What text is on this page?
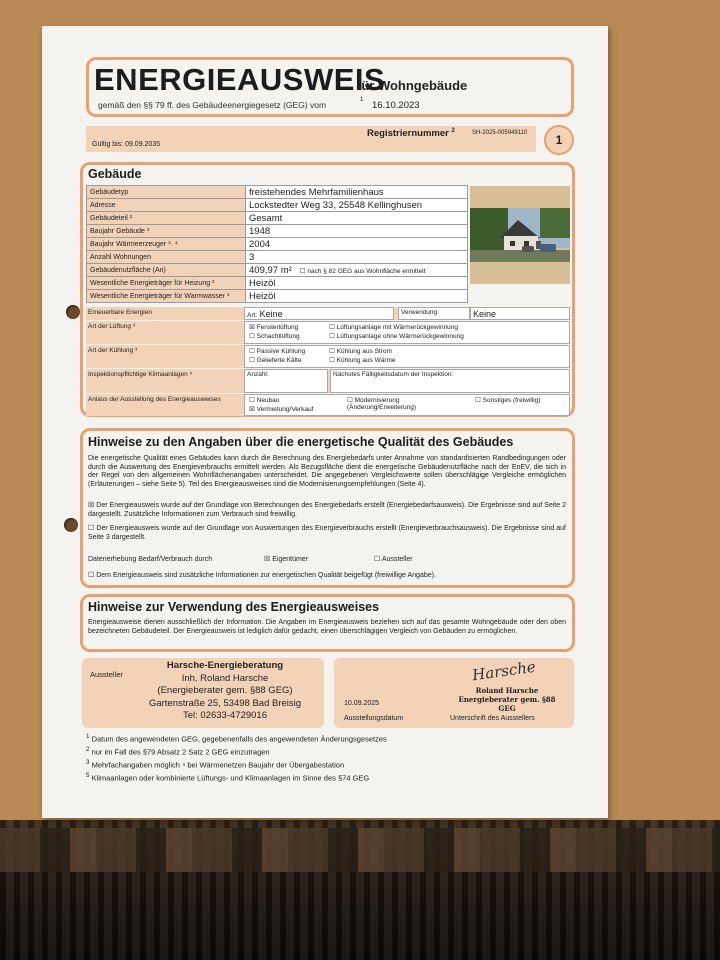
ENERGIEAUSWEIS
für Wohngebäude
gemäß den §§ 79 ff. des Gebäudeenergiegesetz (GEG) vom	1 16.10.2023
Registriernummer $^2$	SH-2025-005949110
Gültig bis: 09.09.2035	1
Gebäude
Gebäudetyp	freistehendes Mehrfamilienhaus
Adresse	Lockstedter Weg 33, 25548 Kellinghusen
Gebäudeteil ²	Gesamt
Baujahr Gebäude ³	1948
Baujahr Wärmeerzeuger ³˒ ⁴	2004
Anzahl Wohnungen	3
Gebäudenutzfläche (An)	409,97 m² ☐ nach § 82 GEG aus Wohnfläche ermittelt
Wesentliche Energieträger für Heizung ³	Heizöl
Wesentliche Energieträger für Warmwasser ³	Heizöl
Erneuerbare Energien	Art: Keine	Verwendung:	Keine
Art der Lüftung ³	☒ Fensterlüftung
☐ Schachtlüftung
☐ Lüftungsanlage mit Wärmerückgewinnung
☐ Lüftungsanlage ohne Wärmerückgewinnung
Art der Kühlung ³	☐ Passive Kühlung
☐ Gelieferte Kälte
☐ Kühlung aus Strom
☐ Kühlung aus Wärme
Inspektionspflichtige Klimaanlagen ⁵	Anzahl:	Nächstes Fälligkeitsdatum der Inspektion:
Anlass der Ausstellung des Energieausweises	☐ Neubau
☒ Vermietung/Verkauf
☐ Modernisierung (Änderung/Erweiterung)
☐ Sonstiges (freiwillig)
Hinweise zu den Angaben über die energetische Qualität des Gebäudes
Die energetische Qualität eines Gebäudes kann durch die Berechnung des Energiebedarfs unter Annahme von standardisierten Randbedingungen oder durch die Auswertung des Energieverbrauchs ermittelt werden. Als Bezugsfläche dient die energetische Gebäudenutzfläche nach der EnEV, die sich in der Regel von den allgemeinen Wohnflächenangaben unterscheidet. Die angegebenen Vergleichswerte sollen überschlägige Vergleiche ermöglichen (Erläuterungen – siehe Seite 5). Teil des Energieausweises sind die Modernisierungsempfehlungen (Seite 4).
☒ Der Energieausweis wurde auf der Grundlage von Berechnungen des Energiebedarfs erstellt (Energiebedarfsausweis). Die Ergebnisse sind auf Seite 2 dargestellt. Zusätzliche Informationen zum Verbrauch sind freiwillig.
☐ Der Energieausweis wurde auf der Grundlage von Auswertungen des Energieverbrauchs erstellt (Energieverbrauchsausweis). Die Ergebnisse sind auf Seite 3 dargestellt.
Datenerhebung Bedarf/Verbrauch durch	☒ Eigentümer	☐ Aussteller
☐ Dem Energieausweis sind zusätzliche Informationen zur energetischen Qualität beigefügt (freiwillige Angabe).
Hinweise zur Verwendung des Energieausweises
Energieausweise dienen ausschließlich der Information. Die Angaben im Energieausweis beziehen sich auf das gesamte Wohngebäude oder den oben bezeichneten Gebäudeteil. Der Energieausweis ist lediglich dafür gedacht, einen überschlägigen Vergleich von Gebäuden zu ermöglichen.
Aussteller
Harsche-Energieberatung
Inh. Roland Harsche
(Energieberater gem. §88 GEG)
Gartenstraße 25, 53498 Bad Breisig
Tel: 02633-4729016
10.09.2025
Ausstellungsdatum
Harsche
Roland Harsche
Energieberater gem. §88 GEG
Unterschrift des Ausstellers
$^1$ Datum des angewendeten GEG, gegebenenfalls des angewendeten Änderungsgesetzes
$^2$ nur im Fall des §79 Absatz 2 Satz 2 GEG einzutragen
$^3$ Mehrfachangaben möglich ⁴ bei Wärmenetzen Baujahr der Übergabestation
$^5$ Klimaanlagen oder kombinierte Lüftungs- und Klimaanlagen im Sinne des §74 GEG
